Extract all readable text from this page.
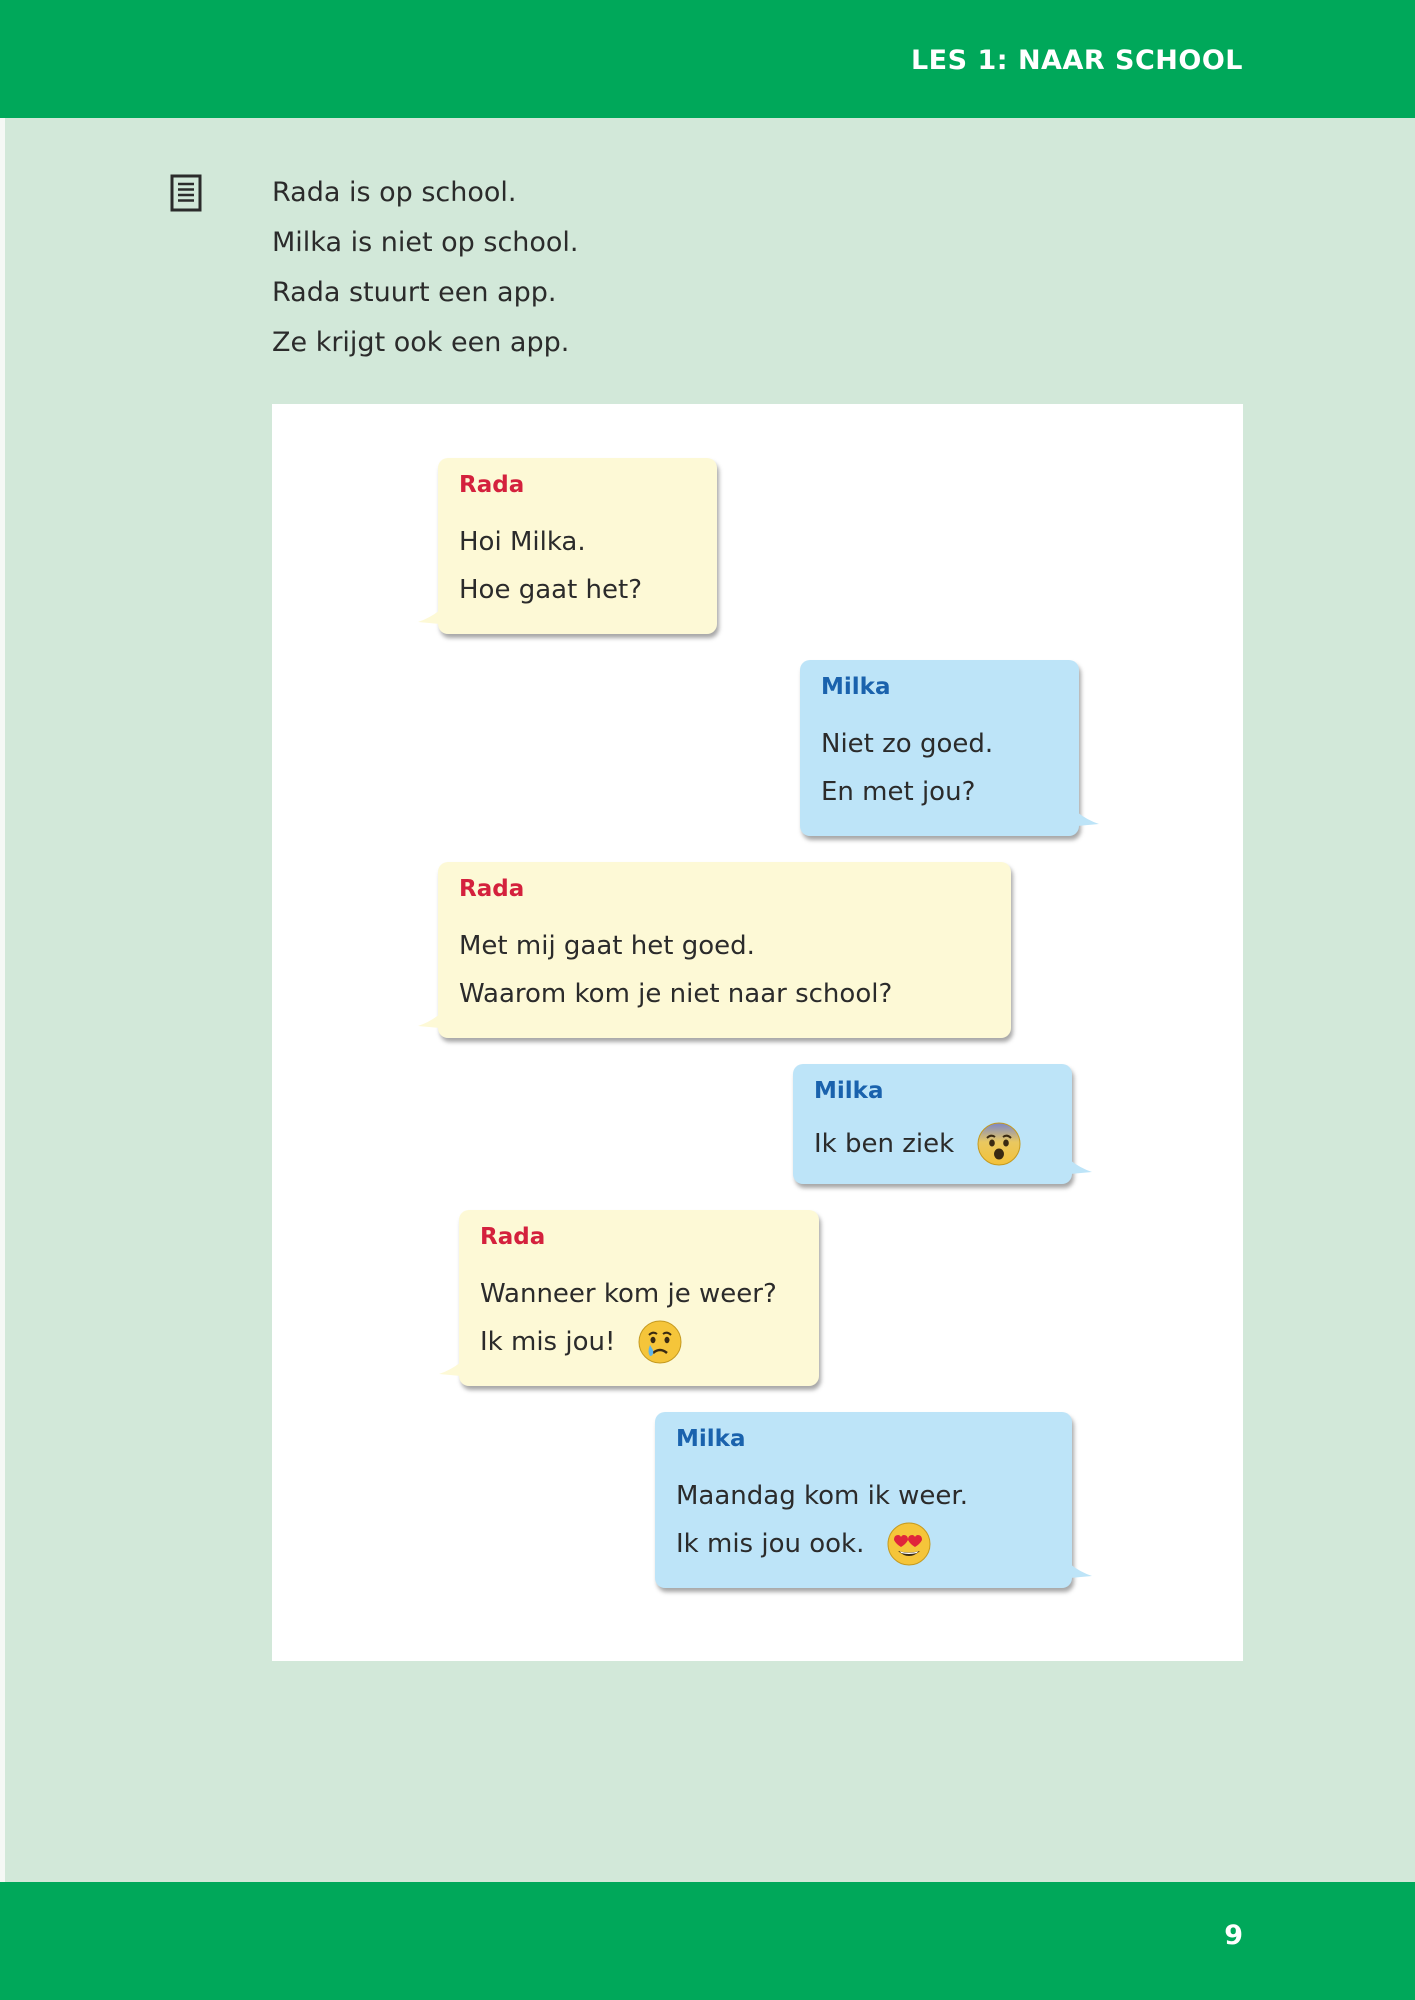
LES 1: NAAR SCHOOL
Rada is op school.
Milka is niet op school.
Rada stuurt een app.
Ze krijgt ook een app.
Rada
Hoi Milka.
Hoe gaat het?
Milka
Niet zo goed.
En met jou?
Rada
Met mij gaat het goed.
Waarom kom je niet naar school?
Milka
Ik ben ziek
Rada
Wanneer kom je weer?
Ik mis jou!
Milka
Maandag kom ik weer.
Ik mis jou ook.
9
